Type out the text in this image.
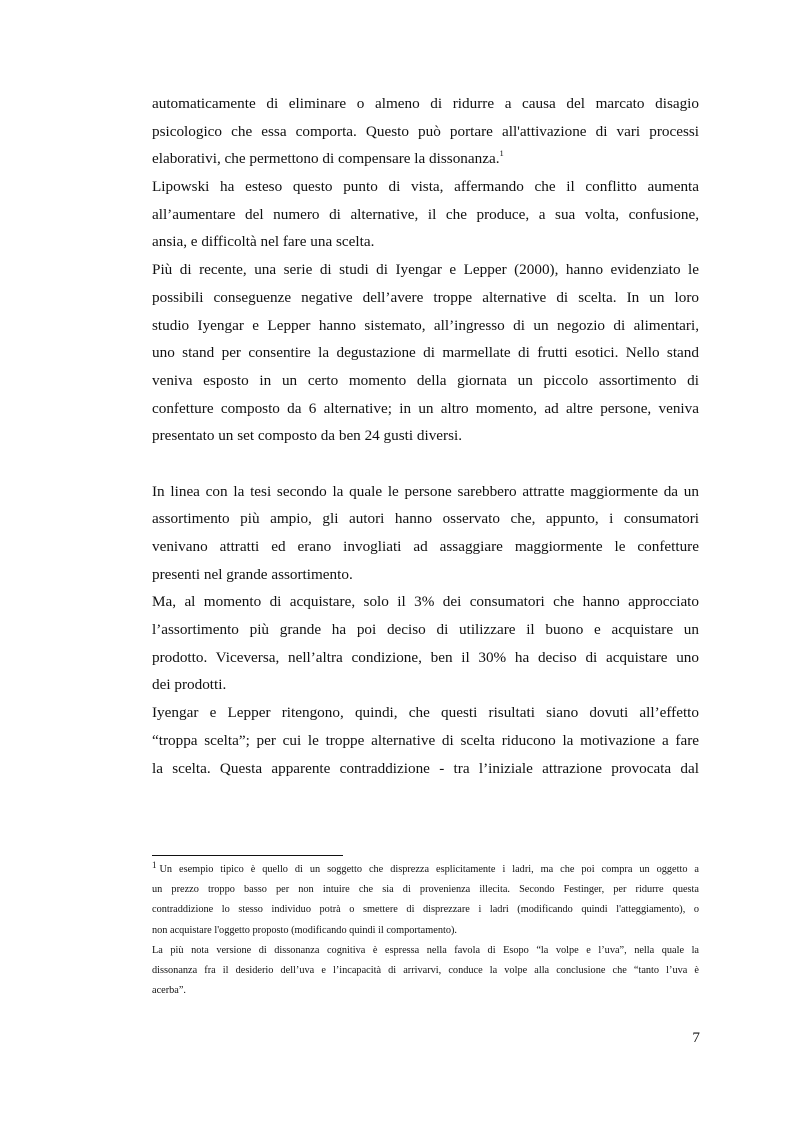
automaticamente di eliminare o almeno di ridurre a causa del marcato disagio
psicologico che essa comporta. Questo può portare all'attivazione di vari processi
elaborativi, che permettono di compensare la dissonanza.$^1$
Lipowski ha esteso questo punto di vista, affermando che il conflitto aumenta
all’aumentare del numero di alternative, il che produce, a sua volta, confusione,
ansia, e difficoltà nel fare una scelta.
Più di recente, una serie di studi di Iyengar e Lepper (2000), hanno evidenziato le
possibili conseguenze negative dell’avere troppe alternative di scelta. In un loro
studio Iyengar e Lepper hanno sistemato, all’ingresso di un negozio di alimentari,
uno stand per consentire la degustazione di marmellate di frutti esotici. Nello stand
veniva esposto in un certo momento della giornata un piccolo assortimento di
confetture composto da 6 alternative; in un altro momento, ad altre persone, veniva
presentato un set composto da ben 24 gusti diversi.
In linea con la tesi secondo la quale le persone sarebbero attratte maggiormente da un
assortimento più ampio, gli autori hanno osservato che, appunto, i consumatori
venivano attratti ed erano invogliati ad assaggiare maggiormente le confetture
presenti nel grande assortimento.
Ma, al momento di acquistare, solo il 3% dei consumatori che hanno approcciato
l’assortimento più grande ha poi deciso di utilizzare il buono e acquistare un
prodotto. Viceversa, nell’altra condizione, ben il 30% ha deciso di acquistare uno
dei prodotti.
Iyengar e Lepper ritengono, quindi, che questi risultati siano dovuti all’effetto
“troppa scelta”; per cui le troppe alternative di scelta riducono la motivazione a fare
la scelta. Questa apparente contraddizione - tra l’iniziale attrazione provocata dal
$^1$ Un esempio tipico è quello di un soggetto che disprezza esplicitamente i ladri, ma che poi compra un oggetto a
un prezzo troppo basso per non intuire che sia di provenienza illecita. Secondo Festinger, per ridurre questa
contraddizione lo stesso individuo potrà o smettere di disprezzare i ladri (modificando quindi l'atteggiamento), o
non acquistare l'oggetto proposto (modificando quindi il comportamento).
La più nota versione di dissonanza cognitiva è espressa nella favola di Esopo “la volpe e l’uva”, nella quale la
dissonanza fra il desiderio dell’uva e l’incapacità di arrivarvi, conduce la volpe alla conclusione che “tanto l’uva è
acerba”.
7
